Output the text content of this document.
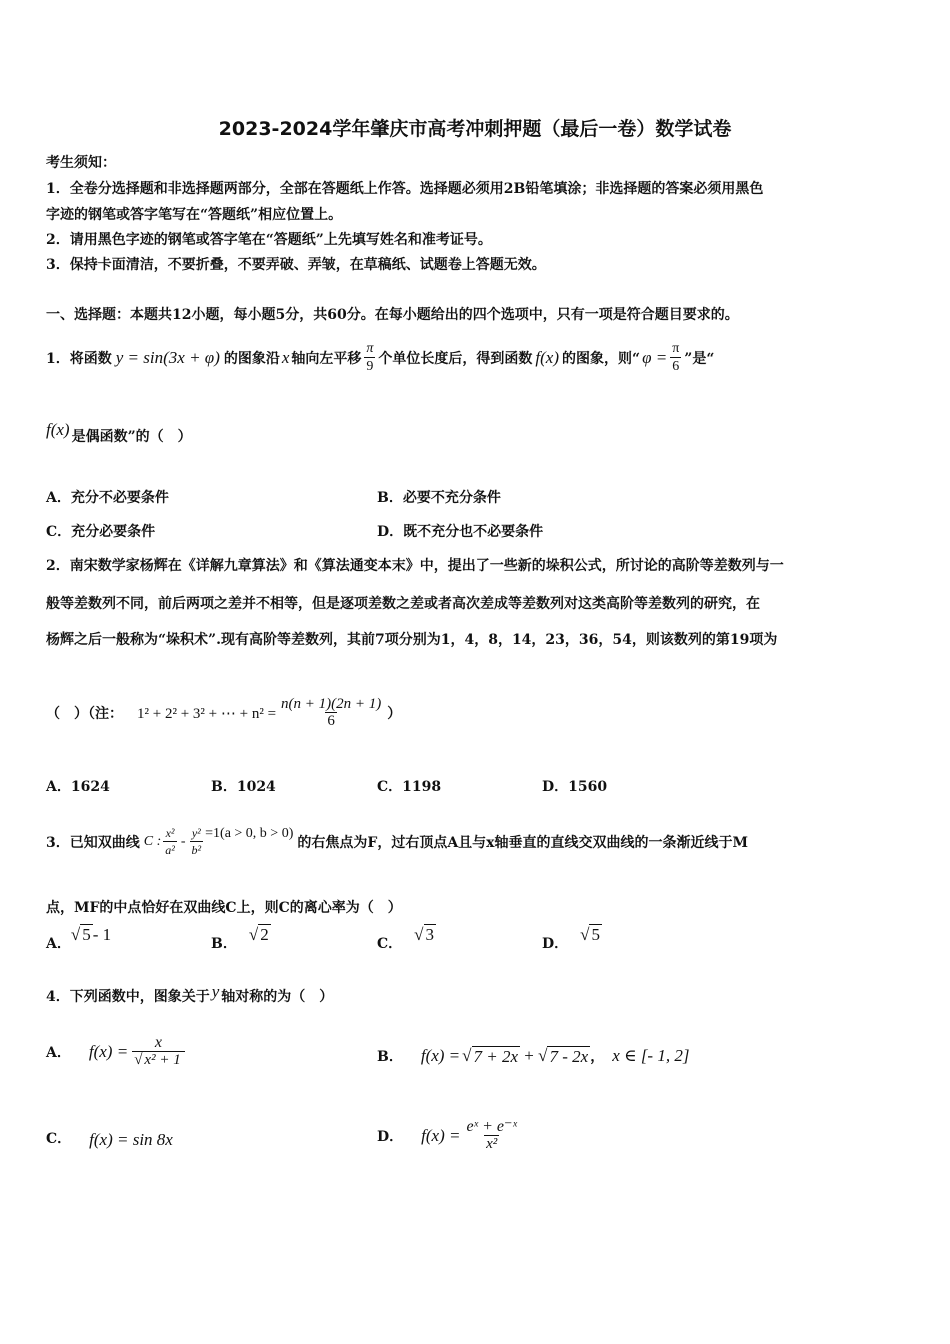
2023-2024学年肇庆市高考冲刺押题（最后一卷）数学试卷
考生须知：
1．全卷分选择题和非选择题两部分，全部在答题纸上作答。选择题必须用2B铅笔填涂；非选择题的答案必须用黑色
字迹的钢笔或答字笔写在“答题纸”相应位置上。
2．请用黑色字迹的钢笔或答字笔在“答题纸”上先填写姓名和准考证号。
3．保持卡面清洁，不要折叠，不要弄破、弄皱，在草稿纸、试题卷上答题无效。
一、选择题：本题共12小题，每小题5分，共60分。在每小题给出的四个选项中，只有一项是符合题目要求的。
1．将函数 y = sin(3x + φ) 的图象沿 x 轴向左平移 $\frac{\pi}{9}$ 个单位长度后，得到函数 f(x) 的图象，则“ $\varphi = \frac{\pi}{6}$ ”是“
f(x) 是偶函数”的（　）
A．充分不必要条件	B．必要不充分条件
C．充分必要条件	D．既不充分也不必要条件
2．南宋数学家杨辉在《详解九章算法》和《算法通变本末》中，提出了一些新的垛积公式，所讨论的高阶等差数列与一
般等差数列不同，前后两项之差并不相等，但是逐项差数之差或者高次差成等差数列对这类高阶等差数列的研究，在
杨辉之后一般称为“垛积术”.现有高阶等差数列，其前7项分别为1，4，8，14，23，36，54，则该数列的第19项为
（　）（注： 1² + 2² + 3² + ⋯ + $n^2 = \frac{n(n + 1)(2n + 1)}{6}$ ）
A．1624	B．1024	C．1198	D．1560
3．已知双曲线 C : $\frac{\text{x²}}{\text{a²}} - \frac{\text{y²}}{\text{b²}} =1(a > 0$, b > 0)
的右焦点为F，过右顶点A且与x轴垂直的直线交双曲线的一条渐近线于M
点，MF的中点恰好在双曲线C上，则C的离心率为（　）
A． √ 5 - 1	B． √ 2	C． √ 3	D． √ 5
4．下列函数中，图象关于 y 轴对称的为（　）
A． $f(x) = \frac{x}{\text{√ x² + 1}}$	B． f(x) = √ 7 + 2x + √ 7 - 2x ， x ∈ [- 1, 2]
C． f(x) = sin 8x	D． $f(x) = \frac{\text{eˣ + e⁻ˣ}}{\text{x²}}$
